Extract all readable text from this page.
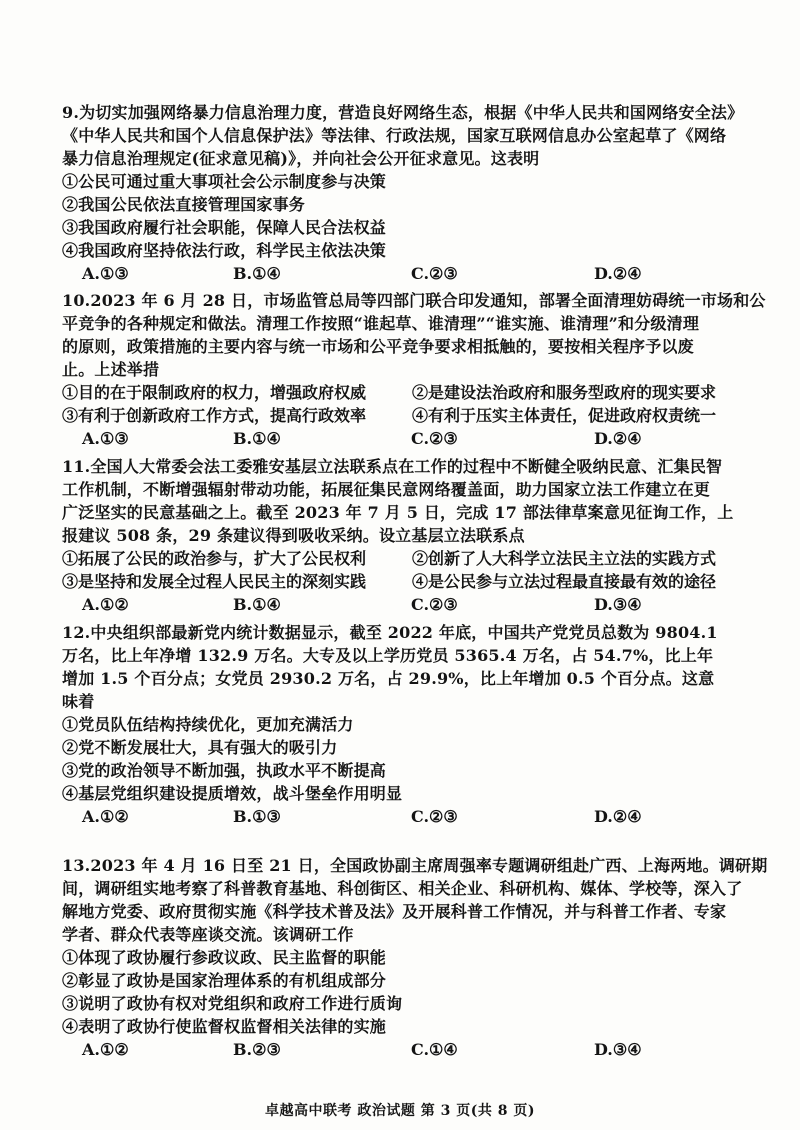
9.为切实加强网络暴力信息治理力度，营造良好网络生态，根据《中华人民共和国网络安全法》
《中华人民共和国个人信息保护法》等法律、行政法规，国家互联网信息办公室起草了《网络
暴力信息治理规定(征求意见稿)》，并向社会公开征求意见。这表明
①公民可通过重大事项社会公示制度参与决策
②我国公民依法直接管理国家事务
③我国政府履行社会职能，保障人民合法权益
④我国政府坚持依法行政，科学民主依法决策
A.①③	B.①④	C.②③	D.②④
10.2023 年 6 月 28 日，市场监管总局等四部门联合印发通知，部署全面清理妨碍统一市场和公
平竞争的各种规定和做法。清理工作按照“谁起草、谁清理”“谁实施、谁清理”和分级清理
的原则，政策措施的主要内容与统一市场和公平竞争要求相抵触的，要按相关程序予以废
止。上述举措
①目的在于限制政府的权力，增强政府权威	②是建设法治政府和服务型政府的现实要求
③有利于创新政府工作方式，提高行政效率	④有利于压实主体责任，促进政府权责统一
A.①③	B.①④	C.②③	D.②④
11.全国人大常委会法工委雅安基层立法联系点在工作的过程中不断健全吸纳民意、汇集民智
工作机制，不断增强辐射带动功能，拓展征集民意网络覆盖面，助力国家立法工作建立在更
广泛坚实的民意基础之上。截至 2023 年 7 月 5 日，完成 17 部法律草案意见征询工作，上
报建议 508 条，29 条建议得到吸收采纳。设立基层立法联系点
①拓展了公民的政治参与，扩大了公民权利	②创新了人大科学立法民主立法的实践方式
③是坚持和发展全过程人民民主的深刻实践	④是公民参与立法过程最直接最有效的途径
A.①②	B.①④	C.②③	D.③④
12.中央组织部最新党内统计数据显示，截至 2022 年底，中国共产党党员总数为 9804.1
万名，比上年净增 132.9 万名。大专及以上学历党员 5365.4 万名，占 54.7%，比上年
增加 1.5 个百分点；女党员 2930.2 万名，占 29.9%，比上年增加 0.5 个百分点。这意
味着
①党员队伍结构持续优化，更加充满活力
②党不断发展壮大，具有强大的吸引力
③党的政治领导不断加强，执政水平不断提高
④基层党组织建设提质增效，战斗堡垒作用明显
A.①②	B.①③	C.②③	D.②④
13.2023 年 4 月 16 日至 21 日，全国政协副主席周强率专题调研组赴广西、上海两地。调研期
间，调研组实地考察了科普教育基地、科创街区、相关企业、科研机构、媒体、学校等，深入了
解地方党委、政府贯彻实施《科学技术普及法》及开展科普工作情况，并与科普工作者、专家
学者、群众代表等座谈交流。该调研工作
①体现了政协履行参政议政、民主监督的职能
②彰显了政协是国家治理体系的有机组成部分
③说明了政协有权对党组织和政府工作进行质询
④表明了政协行使监督权监督相关法律的实施
A.①②	B.②③	C.①④	D.③④
卓越高中联考 政治试题 第 3 页(共 8 页)
